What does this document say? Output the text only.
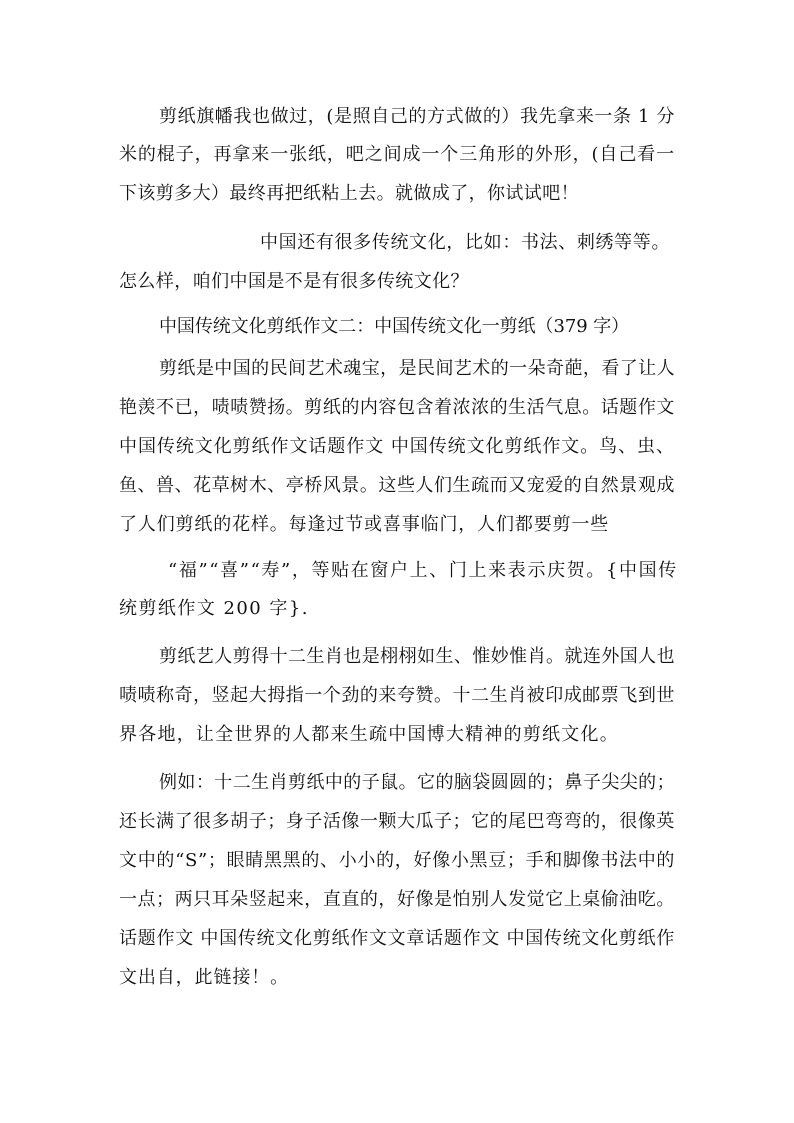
剪纸旗幡我也做过，(是照自己的方式做的）我先拿来一条 1 分
米的棍子，再拿来一张纸，吧之间成一个三角形的外形，(自己看一
下该剪多大）最终再把纸粘上去。就做成了，你试试吧！
中国还有很多传统文化，比如：书法、刺绣等等。
怎么样，咱们中国是不是有很多传统文化？
中国传统文化剪纸作文二：中国传统文化一剪纸（379 字）
剪纸是中国的民间艺术魂宝，是民间艺术的一朵奇葩，看了让人
艳羡不已，啧啧赞扬。剪纸的内容包含着浓浓的生活气息。话题作文
中国传统文化剪纸作文话题作文 中国传统文化剪纸作文。鸟、虫、
鱼、兽、花草树木、亭桥风景。这些人们生疏而又宠爱的自然景观成
了人们剪纸的花样。每逢过节或喜事临门，人们都要剪一些
“福”“喜”“寿”，等贴在窗户上、门上来表示庆贺。{中国传
统剪纸作文 200 字}.
剪纸艺人剪得十二生肖也是栩栩如生、惟妙惟肖。就连外国人也
啧啧称奇，竖起大拇指一个劲的来夸赞。十二生肖被印成邮票飞到世
界各地，让全世界的人都来生疏中国博大精神的剪纸文化。
例如：十二生肖剪纸中的子鼠。它的脑袋圆圆的；鼻子尖尖的；
还长满了很多胡子；身子活像一颗大瓜子；它的尾巴弯弯的，很像英
文中的“S”；眼睛黑黑的、小小的，好像小黑豆；手和脚像书法中的
一点；两只耳朵竖起来，直直的，好像是怕别人发觉它上桌偷油吃。
话题作文 中国传统文化剪纸作文文章话题作文 中国传统文化剪纸作
文出自，此链接！。
